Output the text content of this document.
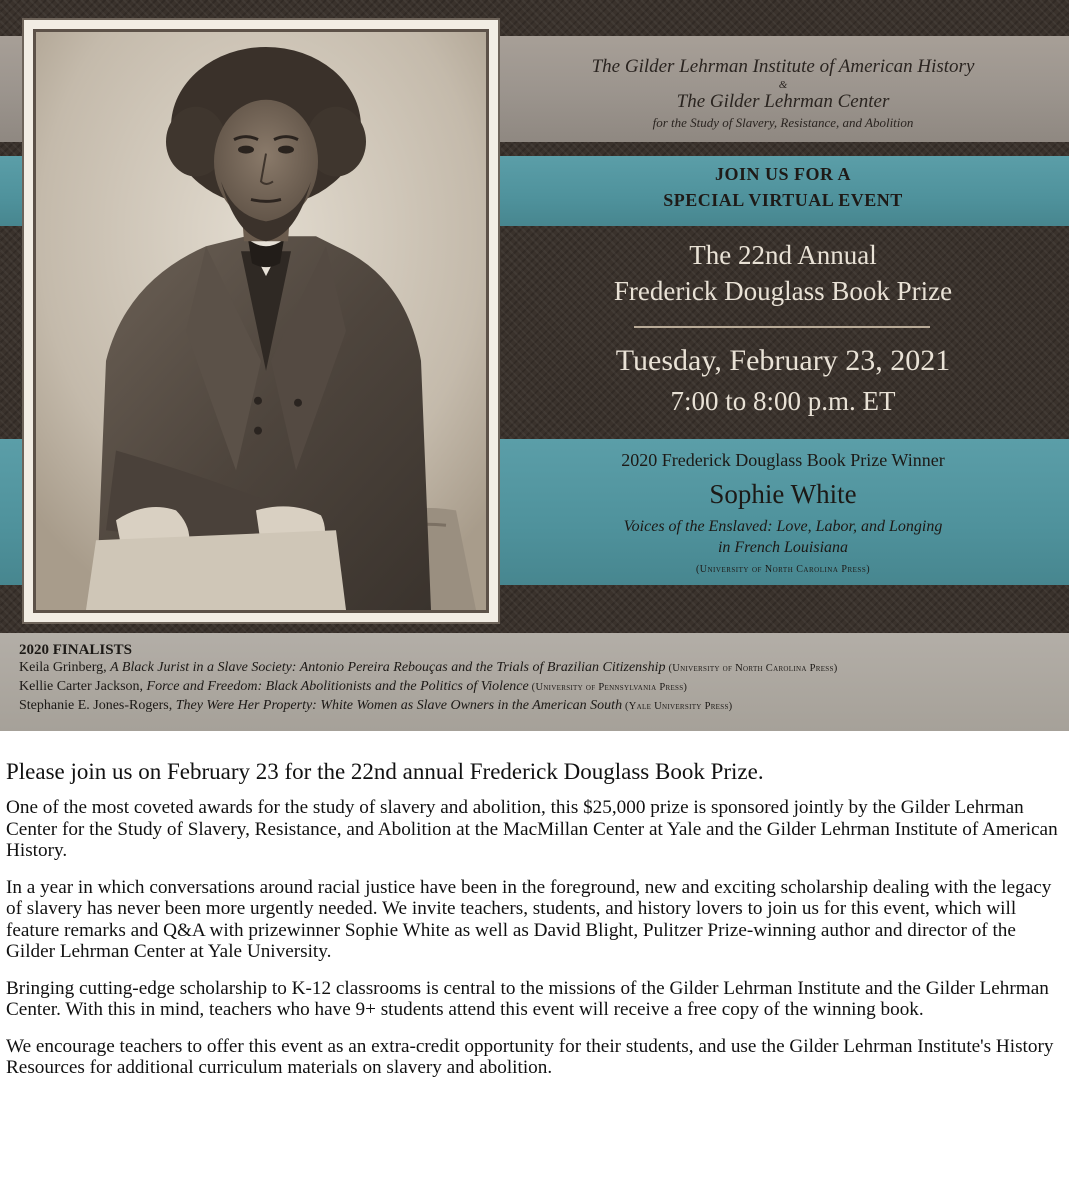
The Gilder Lehrman Institute of American History
&
The Gilder Lehrman Center
for the Study of Slavery, Resistance, and Abolition
JOIN US FOR A
SPECIAL VIRTUAL EVENT
The 22nd Annual
Frederick Douglass Book Prize
Tuesday, February 23, 2021
7:00 to 8:00 p.m. ET
2020 Frederick Douglass Book Prize Winner
Sophie White
Voices of the Enslaved: Love, Labor, and Longing
in French Louisiana
(University of North Carolina Press)
2020 FINALISTS
Keila Grinberg, A Black Jurist in a Slave Society: Antonio Pereira Rebouças and the Trials of Brazilian Citizenship (University of North Carolina Press)
Kellie Carter Jackson, Force and Freedom: Black Abolitionists and the Politics of Violence (University of Pennsylvania Press)
Stephanie E. Jones-Rogers, They Were Her Property: White Women as Slave Owners in the American South (Yale University Press)

Please join us on February 23 for the 22nd annual Frederick Douglass Book Prize.

One of the most coveted awards for the study of slavery and abolition, this $25,000 prize is sponsored jointly by the Gilder Lehrman Center for the Study of Slavery, Resistance, and Abolition at the MacMillan Center at Yale and the Gilder Lehrman Institute of American History.

In a year in which conversations around racial justice have been in the foreground, new and exciting scholarship dealing with the legacy of slavery has never been more urgently needed. We invite teachers, students, and history lovers to join us for this event, which will feature remarks and Q&A with prizewinner Sophie White as well as David Blight, Pulitzer Prize-winning author and director of the Gilder Lehrman Center at Yale University.

Bringing cutting-edge scholarship to K-12 classrooms is central to the missions of the Gilder Lehrman Institute and the Gilder Lehrman Center. With this in mind, teachers who have 9+ students attend this event will receive a free copy of the winning book.

We encourage teachers to offer this event as an extra-credit opportunity for their students, and use the Gilder Lehrman Institute's History Resources for additional curriculum materials on slavery and abolition.
